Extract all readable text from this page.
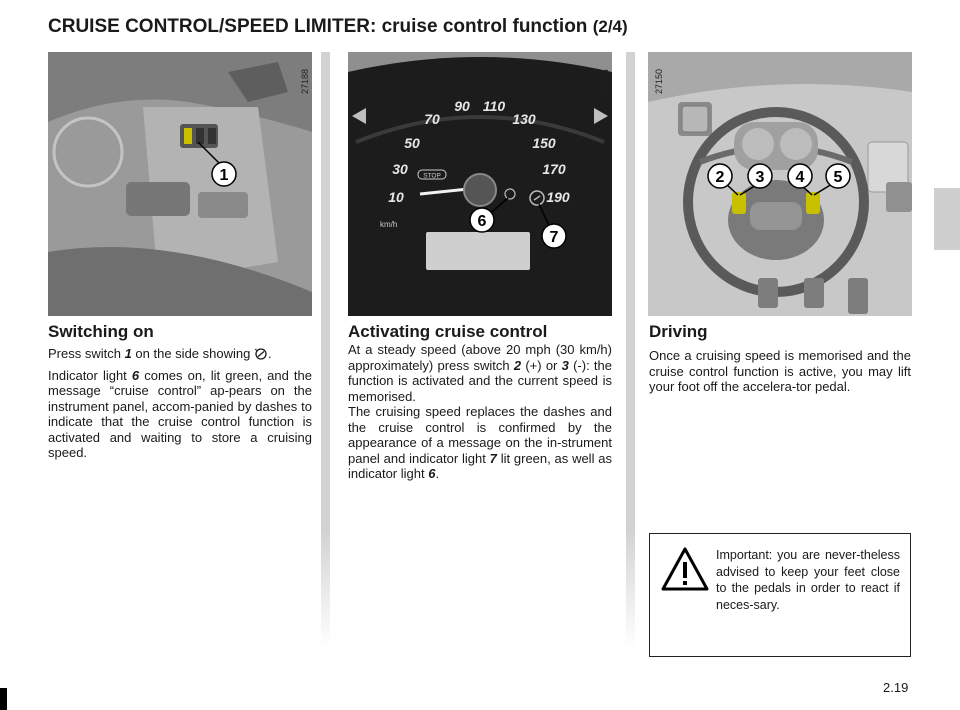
CRUISE CONTROL/SPEED LIMITER: cruise control function (2/4)
1
27188
10
30
50
70
90 110
130
150
170
190
STOP
km/h	6
7
27354
2 3 4 5
27150
Switching on

Press switch 1 on the side showing .

Indicator light 6 comes on, lit green, and the message “cruise control” ap-pears on the instrument panel, accom-panied by dashes to indicate that the cruise control function is activated and waiting to store a cruising speed.

Activating cruise control

At a steady speed (above 20 mph (30 km/h) approximately) press switch 2 (+) or 3 (-): the function is activated and the current speed is memorised.

The cruising speed replaces the dashes and the cruise control is confirmed by the appearance of a message on the in-strument panel and indicator light 7 lit green, as well as indicator light 6.

Driving
Once a cruising speed is memorised and the cruise control function is active, you may lift your foot off the accelera-tor pedal.
Important: you are never-theless advised to keep your feet close to the pedals in order to react if neces-sary.
2.19
